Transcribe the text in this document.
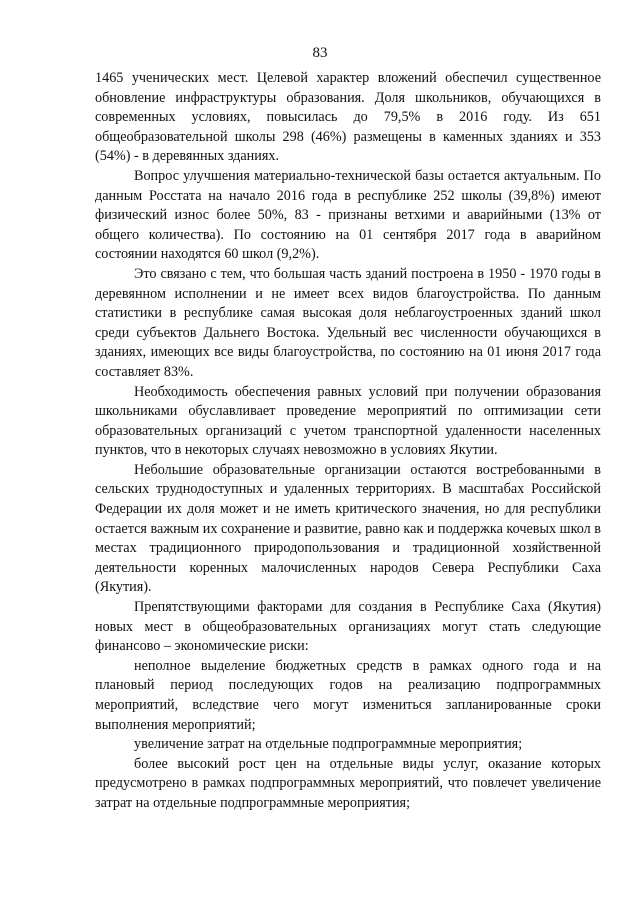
83

1465 ученических мест. Целевой характер вложений обеспечил существенное обновление инфраструктуры образования. Доля школьников, обучающихся в современных условиях, повысилась до 79,5% в 2016 году. Из 651 общеобразовательной школы 298 (46%) размещены в каменных зданиях и 353 (54%) - в деревянных зданиях.

Вопрос улучшения материально-технической базы остается актуальным. По данным Росстата на начало 2016 года в республике 252 школы (39,8%) имеют физический износ более 50%, 83 - признаны ветхими и аварийными (13% от общего количества). По состоянию на 01 сентября 2017 года в аварийном состоянии находятся 60 школ (9,2%).

Это связано с тем, что большая часть зданий построена в 1950 - 1970 годы в деревянном исполнении и не имеет всех видов благоустройства. По данным статистики в республике самая высокая доля неблагоустроенных зданий школ среди субъектов Дальнего Востока. Удельный вес численности обучающихся в зданиях, имеющих все виды благоустройства, по состоянию на 01 июня 2017 года составляет 83%.

Необходимость обеспечения равных условий при получении образования школьниками обуславливает проведение мероприятий по оптимизации сети образовательных организаций с учетом транспортной удаленности населенных пунктов, что в некоторых случаях невозможно в условиях Якутии.

Небольшие образовательные организации остаются востребованными в сельских труднодоступных и удаленных территориях. В масштабах Российской Федерации их доля может и не иметь критического значения, но для республики остается важным их сохранение и развитие, равно как и поддержка кочевых школ в местах традиционного природопользования и традиционной хозяйственной деятельности коренных малочисленных народов Севера Республики Саха (Якутия).

Препятствующими факторами для создания в Республике Саха (Якутия) новых мест в общеобразовательных организациях могут стать следующие финансово – экономические риски:

неполное выделение бюджетных средств в рамках одного года и на плановый период последующих годов на реализацию подпрограммных мероприятий, вследствие чего могут измениться запланированные сроки выполнения мероприятий;

увеличение затрат на отдельные подпрограммные мероприятия;

более высокий рост цен на отдельные виды услуг, оказание которых предусмотрено в рамках подпрограммных мероприятий, что повлечет увеличение затрат на отдельные подпрограммные мероприятия;
